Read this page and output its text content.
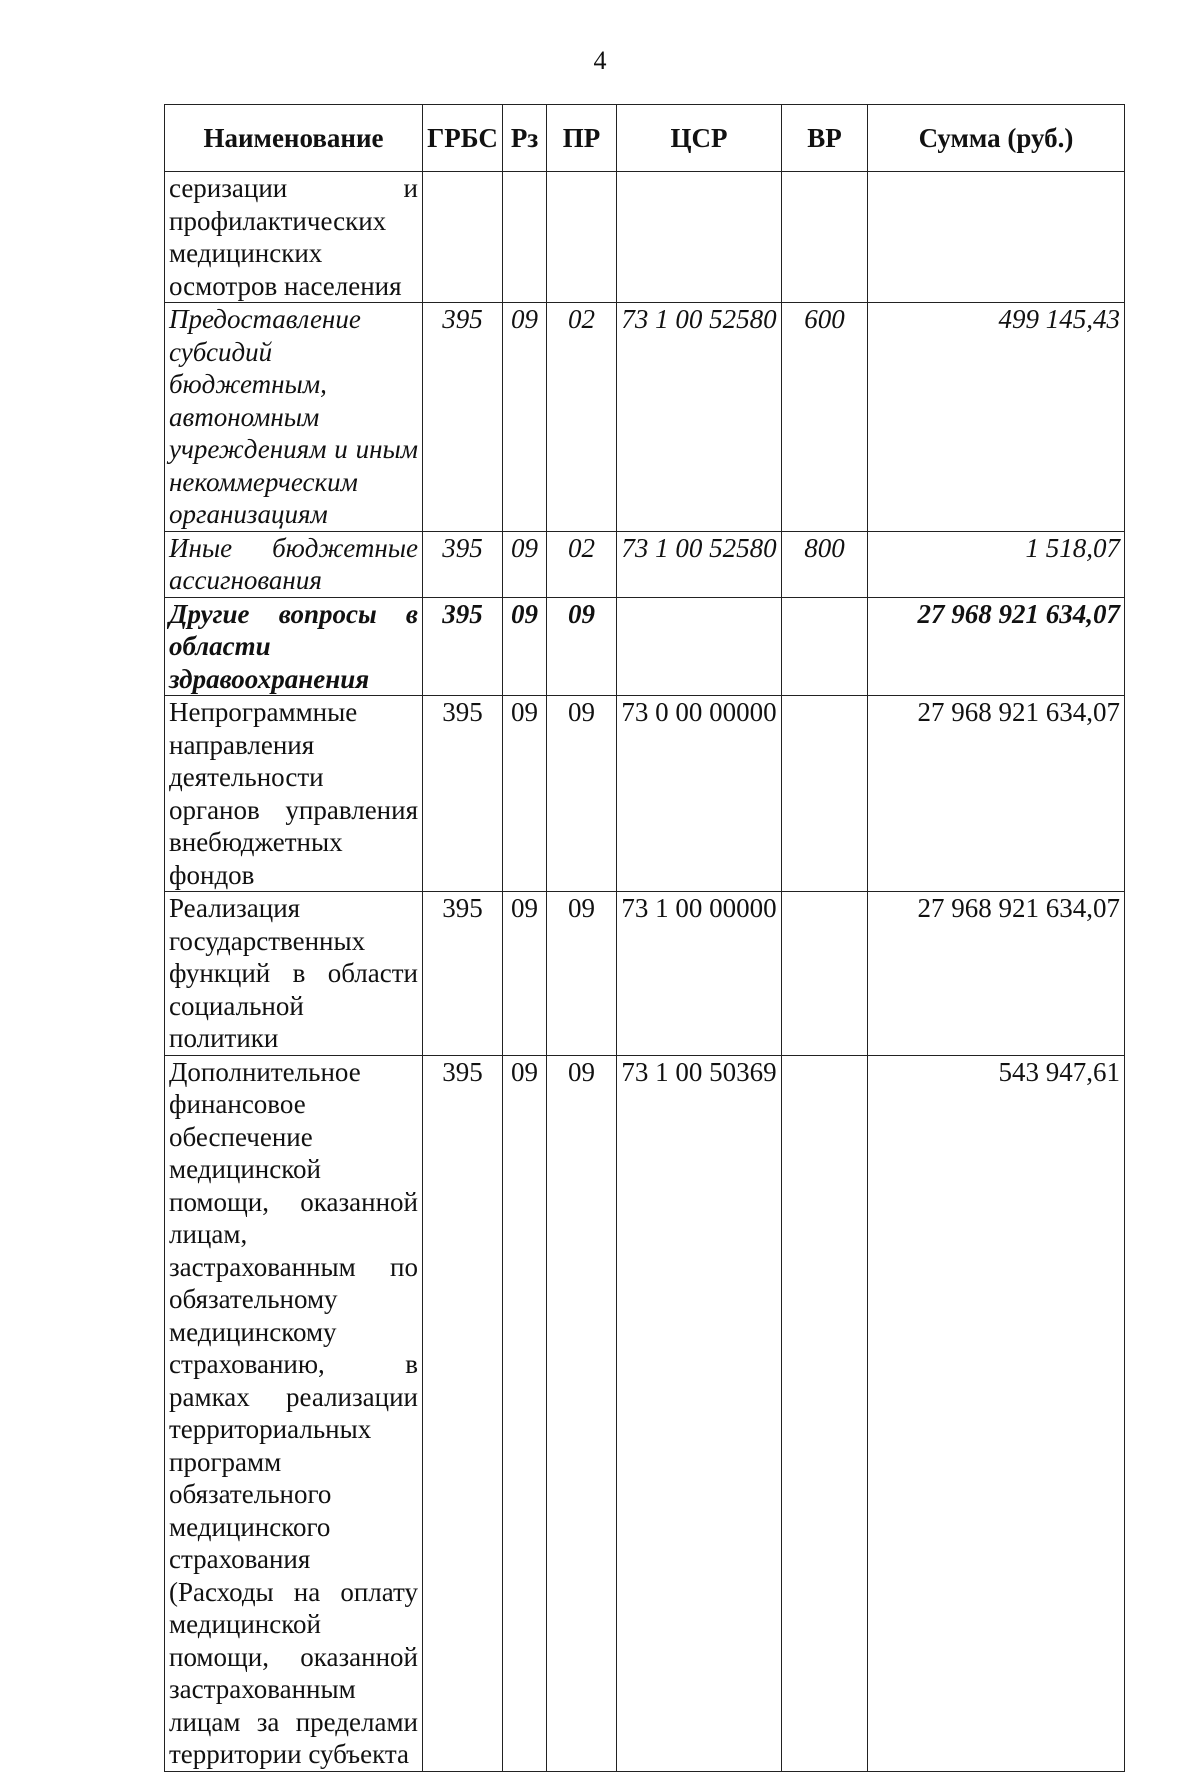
4
Наименование	ГРБС	Рз	ПР	ЦСР	ВР	Сумма (руб.)
серизации и профилактических медицинских осмотров населения						
Предоставление субсидий бюджетным, автономным учреждениям и иным некоммерческим организациям	395	09	02	73 1 00 52580	600	499 145,43
Иные бюджетные ассигнования	395	09	02	73 1 00 52580	800	1 518,07
Другие вопросы в области здравоохранения	395	09	09			27 968 921 634,07
Непрограммные направления деятельности органов управления внебюджетных фондов	395	09	09	73 0 00 00000		27 968 921 634,07
Реализация государственных функций в области социальной политики	395	09	09	73 1 00 00000		27 968 921 634,07
Дополнительное финансовое обеспечение медицинской помощи, оказанной лицам, застрахованным по обязательному медицинскому страхованию, в рамках реализации территориальных программ обязательного медицинского страхования (Расходы на оплату медицинской помощи, оказанной застрахованным лицам за пределами территории субъекта	395	09	09	73 1 00 50369		543 947,61
